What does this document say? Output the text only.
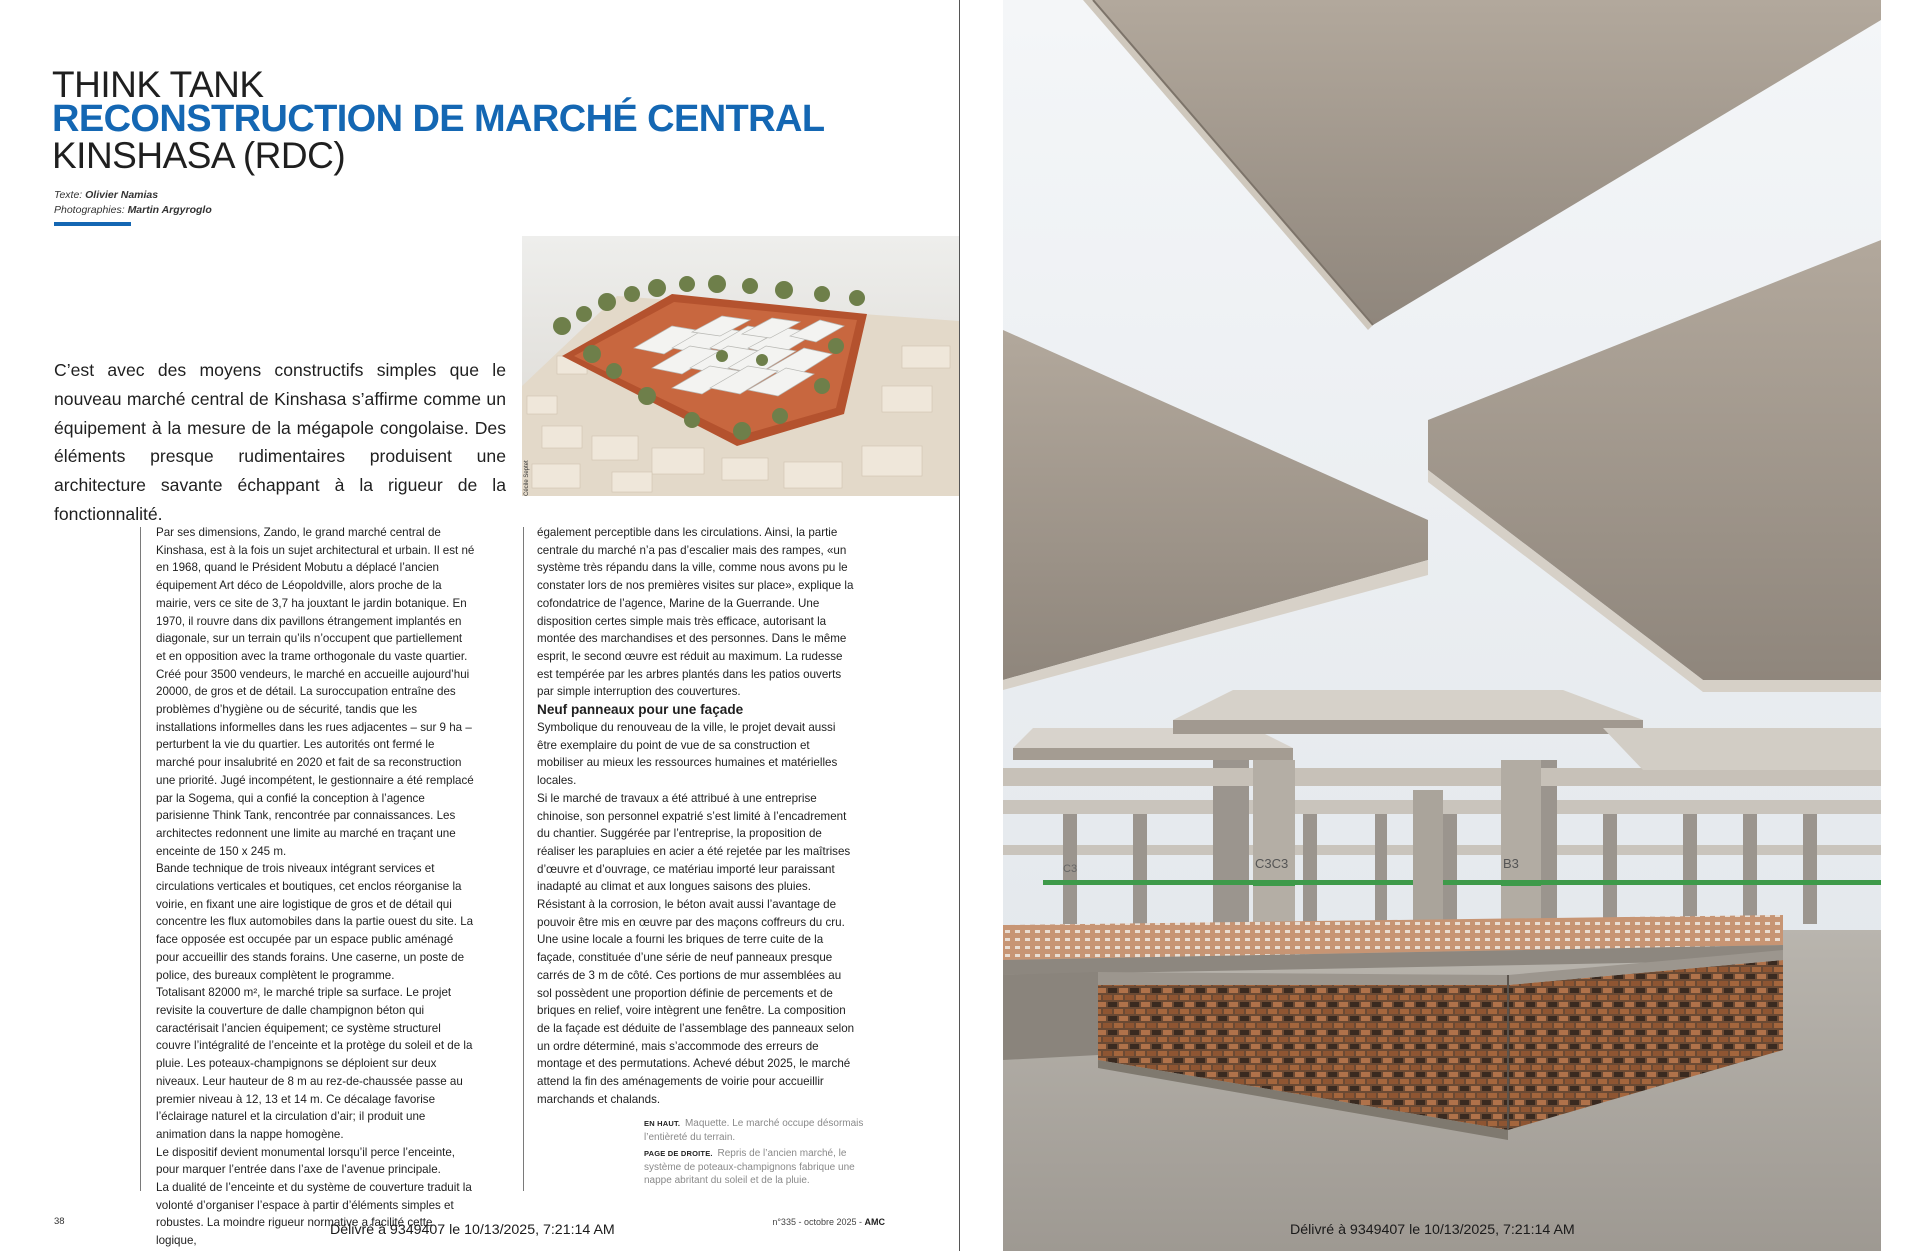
THINK TANK
RECONSTRUCTION DE MARCHÉ CENTRAL
KINSHASA (RDC)
Texte: Olivier Namias
Photographies: Martin Argyroglo
Cécile Septet

C’est avec des moyens constructifs simples que le nouveau marché central de Kinshasa s’affirme comme un équipement à la mesure de la mégapole congolaise. Des éléments presque rudimentaires produisent une architecture savante échappant à la rigueur de la fonctionnalité.

Par ses dimensions, Zando, le grand marché central de Kinshasa, est à la fois un sujet architectural et urbain. Il est né en 1968, quand le Président Mobutu a déplacé l’ancien équipement Art déco de Léopoldville, alors proche de la mairie, vers ce site de 3,7 ha jouxtant le jardin botanique. En 1970, il rouvre dans dix pavillons étrangement implantés en diagonale, sur un terrain qu’ils n’occupent que partiellement et en opposition avec la trame orthogonale du vaste quartier. Créé pour 3500 vendeurs, le marché en accueille aujourd’hui 20000, de gros et de détail. La suroccupation entraîne des problèmes d’hygiène ou de sécurité, tandis que les installations informelles dans les rues adjacentes – sur 9 ha – perturbent la vie du quartier. Les autorités ont fermé le marché pour insalubrité en 2020 et fait de sa reconstruction une priorité. Jugé incompétent, le gestionnaire a été remplacé par la Sogema, qui a confié la conception à l’agence parisienne Think Tank, rencontrée par connaissances. Les architectes redonnent une limite au marché en traçant une enceinte de 150 x 245 m.

Bande technique de trois niveaux intégrant services et circulations verticales et boutiques, cet enclos réorganise la voirie, en fixant une aire logistique de gros et de détail qui concentre les flux automobiles dans la partie ouest du site. La face opposée est occupée par un espace public aménagé pour accueillir des stands forains. Une caserne, un poste de police, des bureaux complètent le programme.

Totalisant 82000 m², le marché triple sa surface. Le projet revisite la couverture de dalle champignon béton qui caractérisait l’ancien équipement; ce système structurel couvre l’intégralité de l’enceinte et la protège du soleil et de la pluie. Les poteaux-champignons se déploient sur deux niveaux. Leur hauteur de 8 m au rez-de-chaussée passe au premier niveau à 12, 13 et 14 m. Ce décalage favorise l’éclairage naturel et la circulation d’air; il produit une animation dans la nappe homogène.

Le dispositif devient monumental lorsqu’il perce l’enceinte, pour marquer l’entrée dans l’axe de l’avenue principale.

La dualité de l’enceinte et du système de couverture traduit la volonté d’organiser l’espace à partir d’éléments simples et robustes. La moindre rigueur normative a facilité cette logique,

également perceptible dans les circulations. Ainsi, la partie centrale du marché n’a pas d’escalier mais des rampes, «un système très répandu dans la ville, comme nous avons pu le constater lors de nos premières visites sur place», explique la cofondatrice de l’agence, Marine de la Guerrande. Une disposition certes simple mais très efficace, autorisant la montée des marchandises et des personnes. Dans le même esprit, le second œuvre est réduit au maximum. La rudesse est tempérée par les arbres plantés dans les patios ouverts par simple interruption des couvertures.

Neuf panneaux pour une façade

Symbolique du renouveau de la ville, le projet devait aussi être exemplaire du point de vue de sa construction et mobiliser au mieux les ressources humaines et matérielles locales.

Si le marché de travaux a été attribué à une entreprise chinoise, son personnel expatrié s’est limité à l’encadrement du chantier. Suggérée par l’entreprise, la proposition de réaliser les parapluies en acier a été rejetée par les maîtrises d’œuvre et d’ouvrage, ce matériau importé leur paraissant inadapté au climat et aux longues saisons des pluies. Résistant à la corrosion, le béton avait aussi l’avantage de pouvoir être mis en œuvre par des maçons coffreurs du cru. Une usine locale a fourni les briques de terre cuite de la façade, constituée d’une série de neuf panneaux presque carrés de 3 m de côté. Ces portions de mur assemblées au sol possèdent une proportion définie de percements et de briques en relief, voire intègrent une fenêtre. La composition de la façade est déduite de l’assemblage des panneaux selon un ordre déterminé, mais s’accommode des erreurs de montage et des permutations. Achevé début 2025, le marché attend la fin des aménagements de voirie pour accueillir marchands et chalands.

EN HAUT. Maquette. Le marché occupe désormais l’entièreté du terrain.

PAGE DE DROITE. Repris de l’ancien marché, le système de poteaux-champignons fabrique une nappe abritant du soleil et de la pluie.

38	n°335 - octobre 2025 - AMC
Délivré à 9349407 le 10/13/2025, 7:21:14 AM
C3C3	B3
C3
Délivré à 9349407 le 10/13/2025, 7:21:14 AM
